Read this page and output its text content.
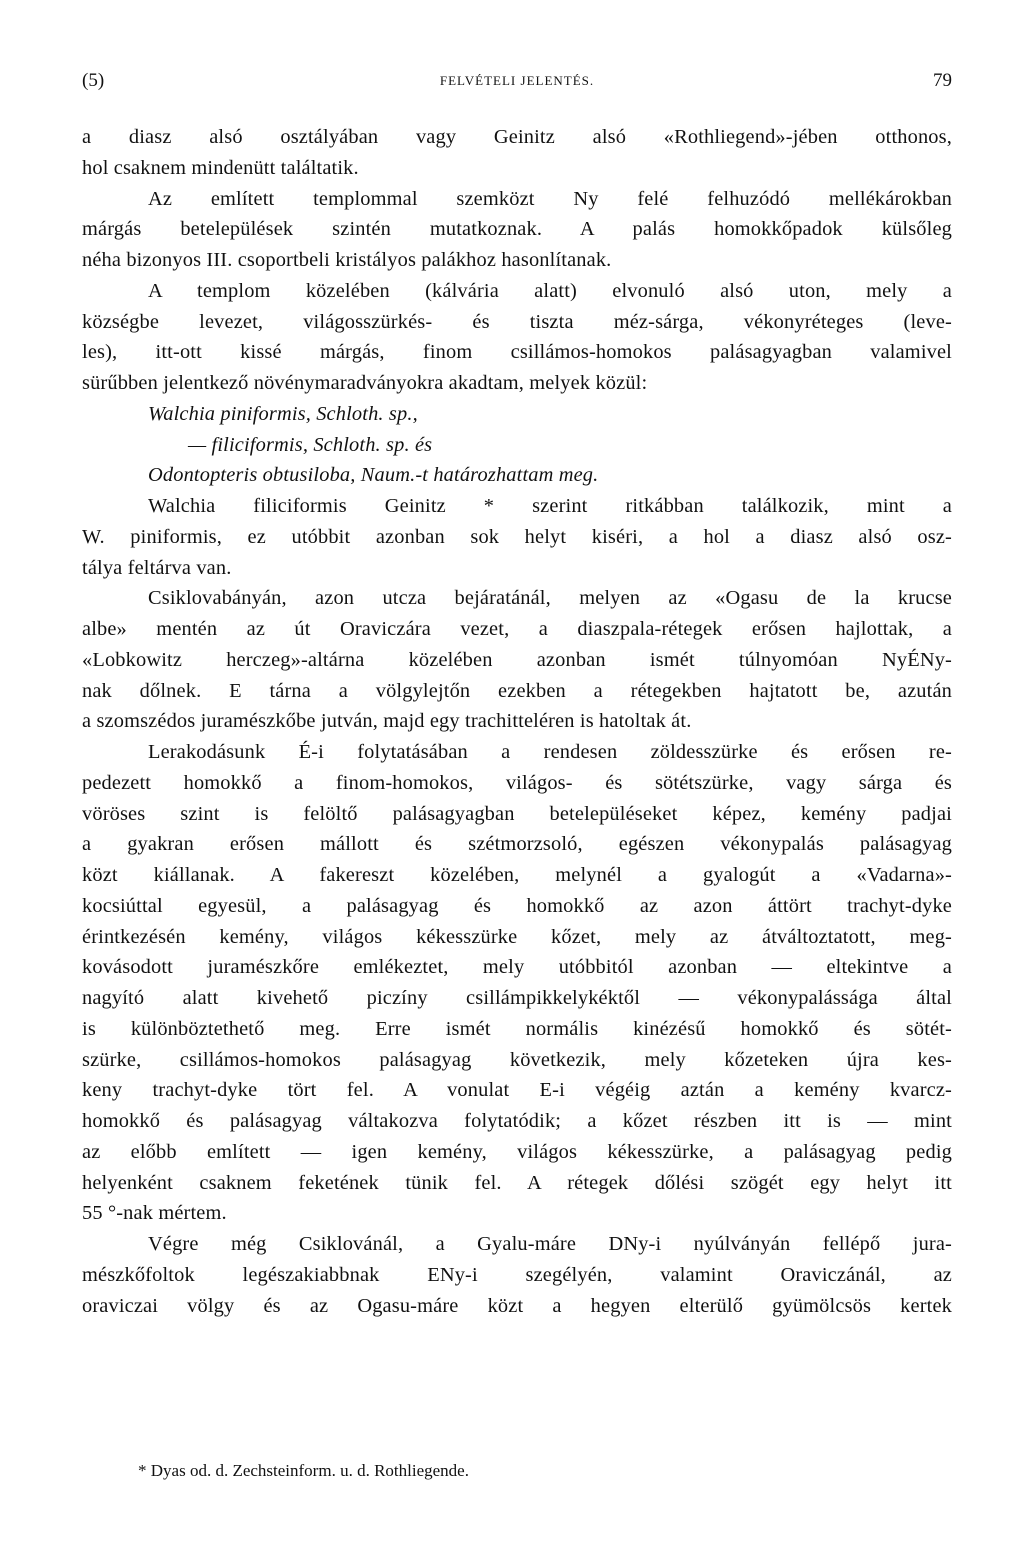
(5)	FELVÉTELI JELENTÉS.	79
a diasz alsó osztályában vagy Geinitz alsó «Rothliegend»-jében otthonos,
hol csaknem mindenütt találtatik.
Az említett templommal szemközt Ny felé felhuzódó mellékárokban
márgás betelepülések szintén mutatkoznak. A palás homokkőpadok külsőleg
néha bizonyos III. csoportbeli kristályos palákhoz hasonlítanak.
A templom közelében (kálvária alatt) elvonuló alsó uton, mely a
községbe levezet, világosszürkés- és tiszta méz-sárga, vékonyréteges (leve-
les), itt-ott kissé márgás, finom csillámos-homokos palásagyagban valamivel
sürűbben jelentkező növénymaradványokra akadtam, melyek közül:
Walchia piniformis, Schloth. sp.,
— filiciformis, Schloth. sp. és
Odontopteris obtusiloba, Naum.-t határozhattam meg.
Walchia filiciformis Geinitz * szerint ritkábban találkozik, mint a
W. piniformis, ez utóbbit azonban sok helyt kiséri, a hol a diasz alsó osz-
tálya feltárva van.
Csiklovabányán, azon utcza bejáratánál, melyen az «Ogasu de la krucse
albe» mentén az út Oraviczára vezet, a diaszpala-rétegek erősen hajlottak, a
«Lobkowitz herczeg»-altárna közelében azonban ismét túlnyomóan NyÉNy-
nak dőlnek. E tárna a völgylejtőn ezekben a rétegekben hajtatott be, azután
a szomszédos juramészkőbe jutván, majd egy trachitteléren is hatoltak át.
Lerakodásunk É-i folytatásában a rendesen zöldesszürke és erősen re-
pedezett homokkő a finom-homokos, világos- és sötétszürke, vagy sárga és
vöröses szint is felöltő palásagyagban betelepüléseket képez, kemény padjai
a gyakran erősen mállott és szétmorzsoló, egészen vékonypalás palásagyag
közt kiállanak. A fakereszt közelében, melynél a gyalogút a «Vadarna»-
kocsiúttal egyesül, a palásagyag és homokkő az azon áttört trachyt-dyke
érintkezésén kemény, világos kékesszürke kőzet, mely az átváltoztatott, meg-
kovásodott juramészkőre emlékeztet, mely utóbbitól azonban — eltekintve a
nagyító alatt kivehető piczíny csillámpikkelykéktől — vékonypalássága által
is különböztethető meg. Erre ismét normális kinézésű homokkő és sötét-
szürke, csillámos-homokos palásagyag következik, mely kőzeteken újra kes-
keny trachyt-dyke tört fel. A vonulat E-i végéig aztán a kemény kvarcz-
homokkő és palásagyag váltakozva folytatódik; a kőzet részben itt is — mint
az előbb említett — igen kemény, világos kékesszürke, a palásagyag pedig
helyenként csaknem feketének tünik fel. A rétegek dőlési szögét egy helyt itt
55 °-nak mértem.
Végre még Csiklovánál, a Gyalu-máre DNy-i nyúlványán fellépő jura-
mészkőfoltok legészakiabbnak ENy-i szegélyén, valamint Oraviczánál, az
oraviczai völgy és az Ogasu-máre közt a hegyen elterülő gyümölcsös kertek
* Dyas od. d. Zechsteinform. u. d. Rothliegende.
